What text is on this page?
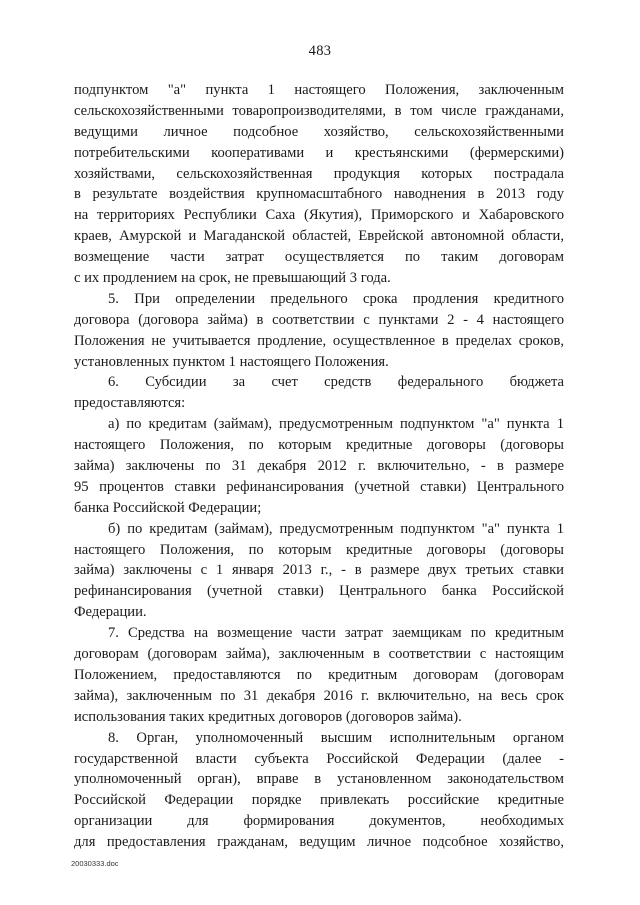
483
подпунктом "а" пункта 1 настоящего Положения, заключенным
сельскохозяйственными товаропроизводителями, в том числе гражданами,
ведущими личное подсобное хозяйство, сельскохозяйственными
потребительскими кооперативами и крестьянскими (фермерскими)
хозяйствами, сельскохозяйственная продукция которых пострадала
в результате воздействия крупномасштабного наводнения в 2013 году
на территориях Республики Саха (Якутия), Приморского и Хабаровского
краев, Амурской и Магаданской областей, Еврейской автономной области,
возмещение части затрат осуществляется по таким договорам
с их продлением на срок, не превышающий 3 года.
5. При определении предельного срока продления кредитного
договора (договора займа) в соответствии с пунктами 2 - 4 настоящего
Положения не учитывается продление, осуществленное в пределах сроков,
установленных пунктом 1 настоящего Положения.
6. Субсидии за счет средств федерального бюджета
предоставляются:
а) по кредитам (займам), предусмотренным подпунктом "а" пункта 1
настоящего Положения, по которым кредитные договоры (договоры
займа) заключены по 31 декабря 2012 г. включительно, - в размере
95 процентов ставки рефинансирования (учетной ставки) Центрального
банка Российской Федерации;
б) по кредитам (займам), предусмотренным подпунктом "а" пункта 1
настоящего Положения, по которым кредитные договоры (договоры
займа) заключены с 1 января 2013 г., - в размере двух третьих ставки
рефинансирования (учетной ставки) Центрального банка Российской
Федерации.
7. Средства на возмещение части затрат заемщикам по кредитным
договорам (договорам займа), заключенным в соответствии с настоящим
Положением, предоставляются по кредитным договорам (договорам
займа), заключенным по 31 декабря 2016 г. включительно, на весь срок
использования таких кредитных договоров (договоров займа).
8. Орган, уполномоченный высшим исполнительным органом
государственной власти субъекта Российской Федерации (далее -
уполномоченный орган), вправе в установленном законодательством
Российской Федерации порядке привлекать российские кредитные
организации для формирования документов, необходимых
для предоставления гражданам, ведущим личное подсобное хозяйство,
20030333.doc
